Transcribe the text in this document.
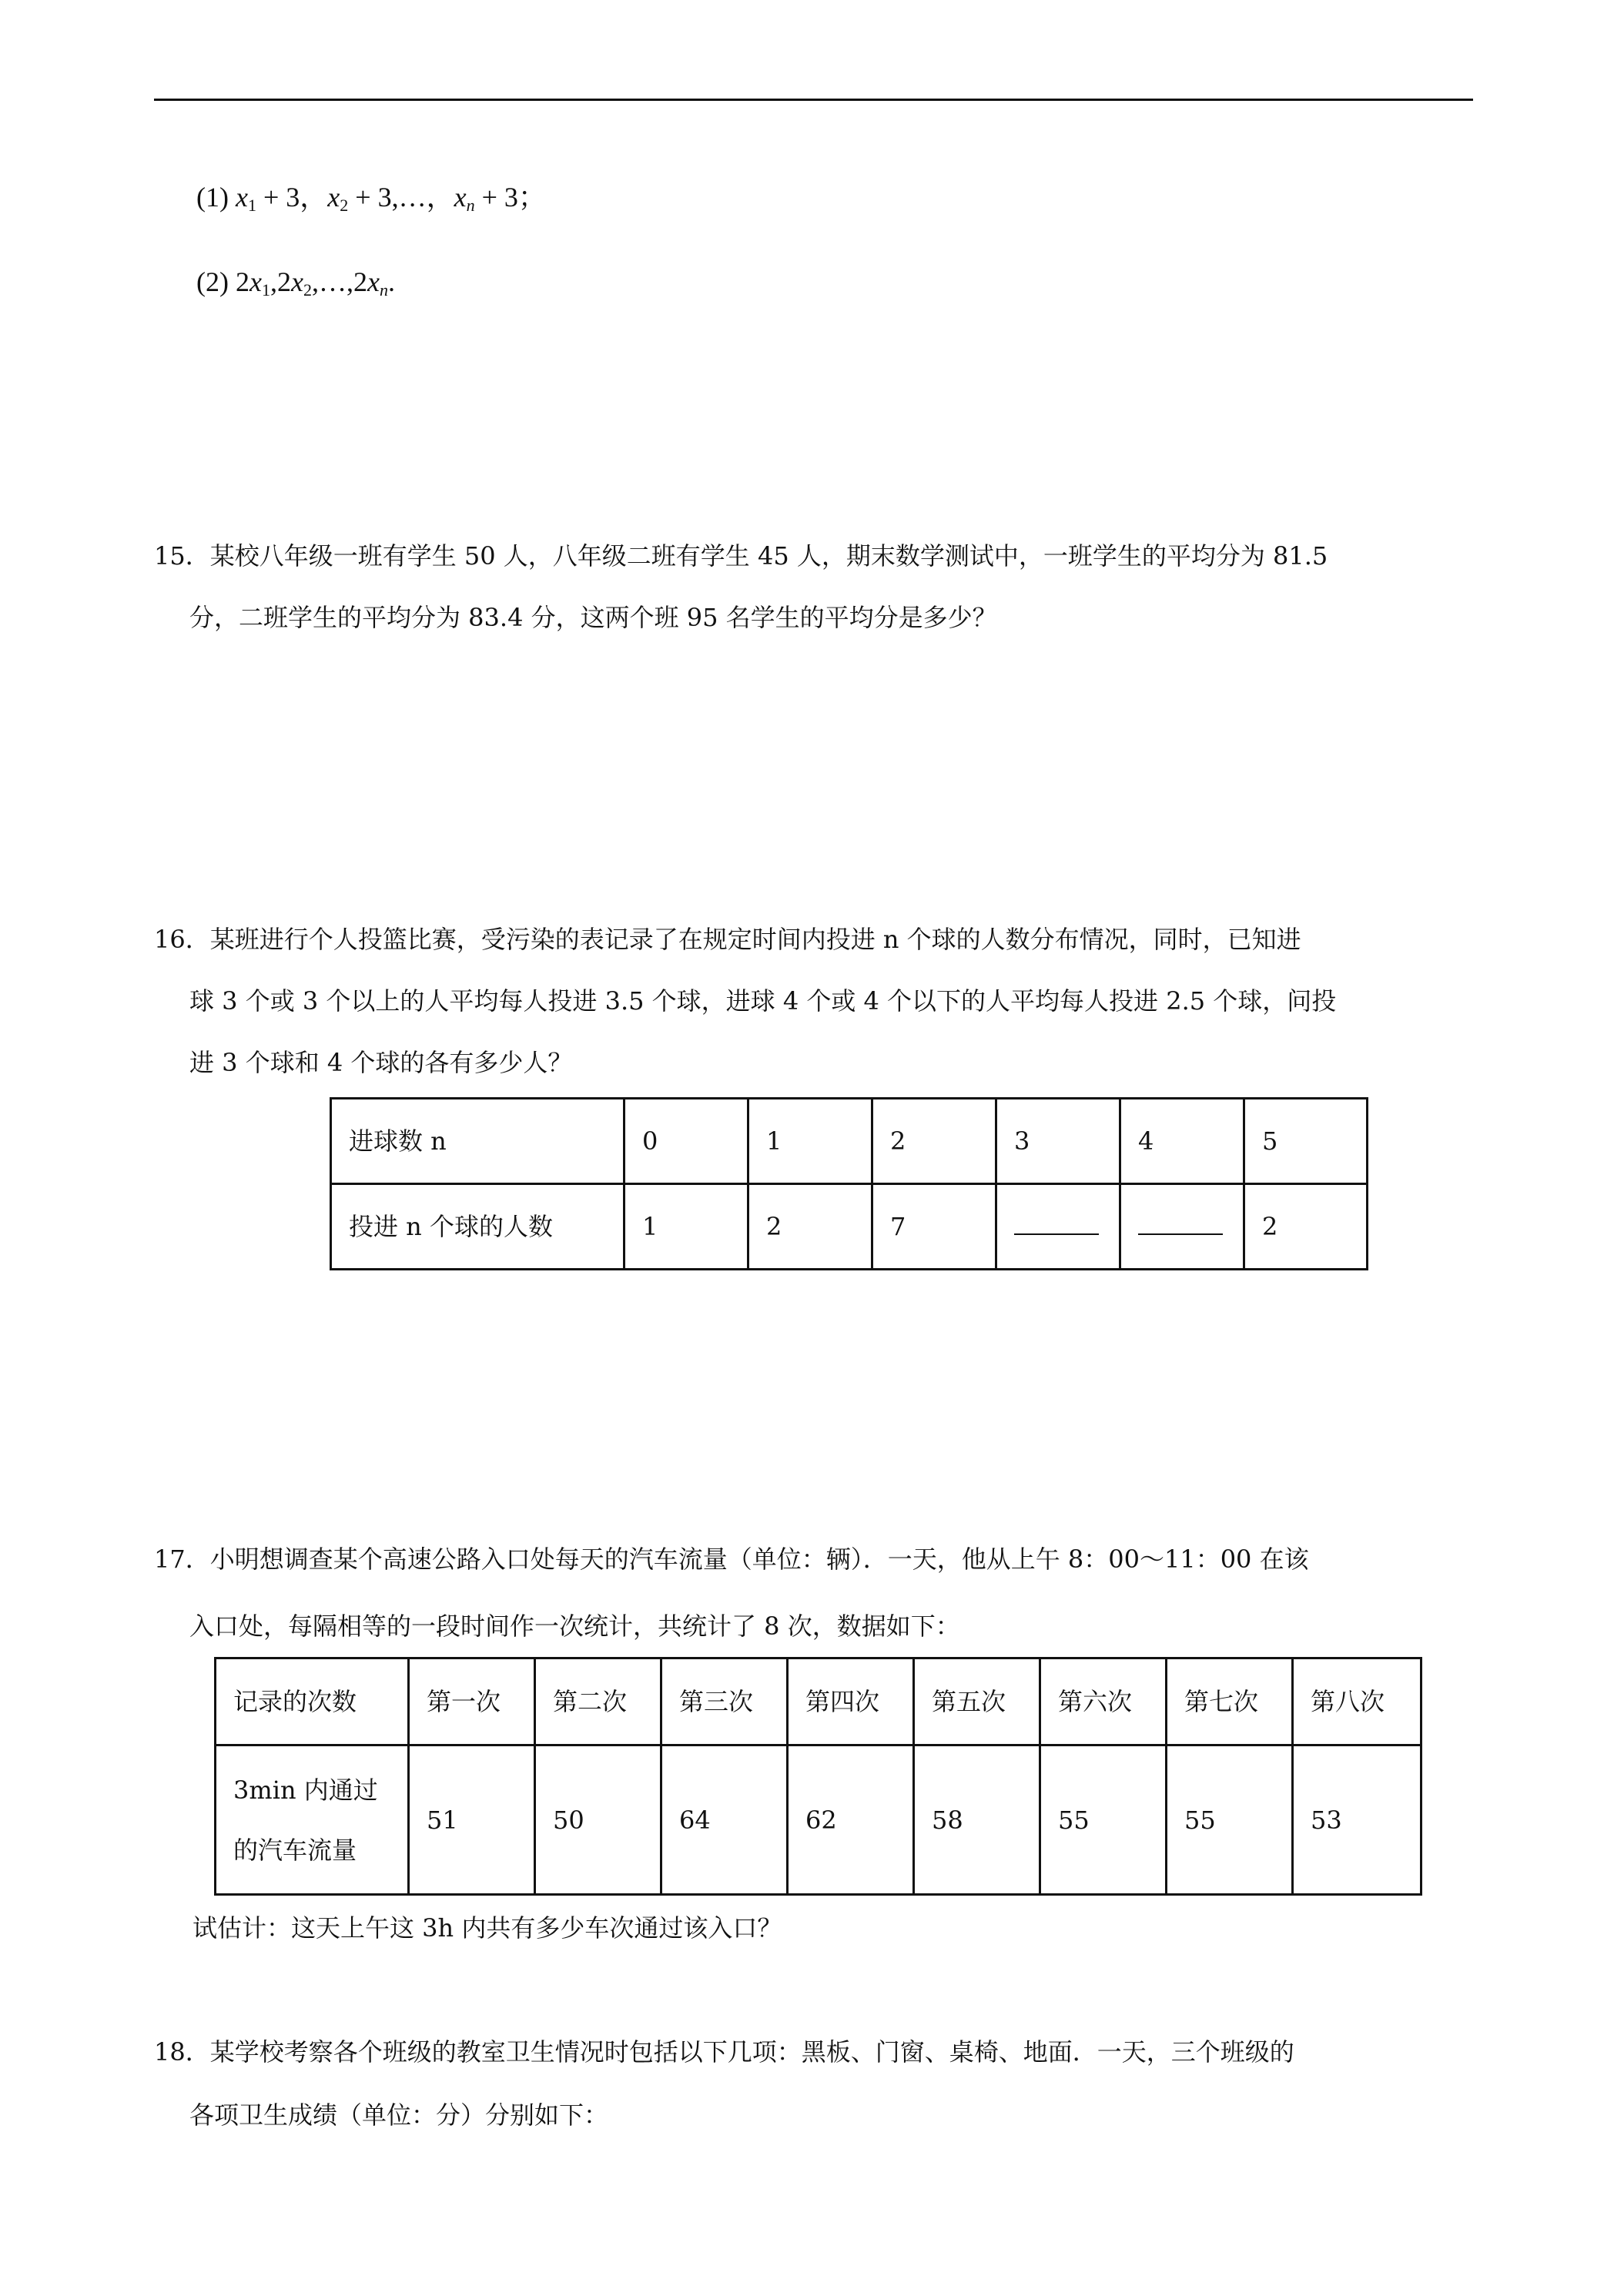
(1) $x_1 + 3$，$x_2$ + 3,…，$x_n + 3$；
(2) $2x_1,2x_2,\dots,2x_n$.
15．某校八年级一班有学生 50 人，八年级二班有学生 45 人，期末数学测试中，一班学生的平均分为 81.5
分，二班学生的平均分为 83.4 分，这两个班 95 名学生的平均分是多少？
16．某班进行个人投篮比赛，受污染的表记录了在规定时间内投进 n 个球的人数分布情况，同时，已知进
球 3 个或 3 个以上的人平均每人投进 3.5 个球，进球 4 个或 4 个以下的人平均每人投进 2.5 个球，问投
进 3 个球和 4 个球的各有多少人？
进球数 n	0	1	2	3	4	5
投进 n 个球的人数	1	2	7			2
17．小明想调查某个高速公路入口处每天的汽车流量（单位：辆）．一天，他从上午 8：00～11：00 在该
入口处，每隔相等的一段时间作一次统计，共统计了 8 次，数据如下：
记录的次数	第一次	第二次	第三次	第四次	第五次	第六次	第七次	第八次

3min 内通过
的汽车流量	51	50	64	62	58	55	55	53
试估计：这天上午这 3h 内共有多少车次通过该入口？
18．某学校考察各个班级的教室卫生情况时包括以下几项：黑板、门窗、桌椅、地面．一天，三个班级的
各项卫生成绩（单位：分）分别如下：
